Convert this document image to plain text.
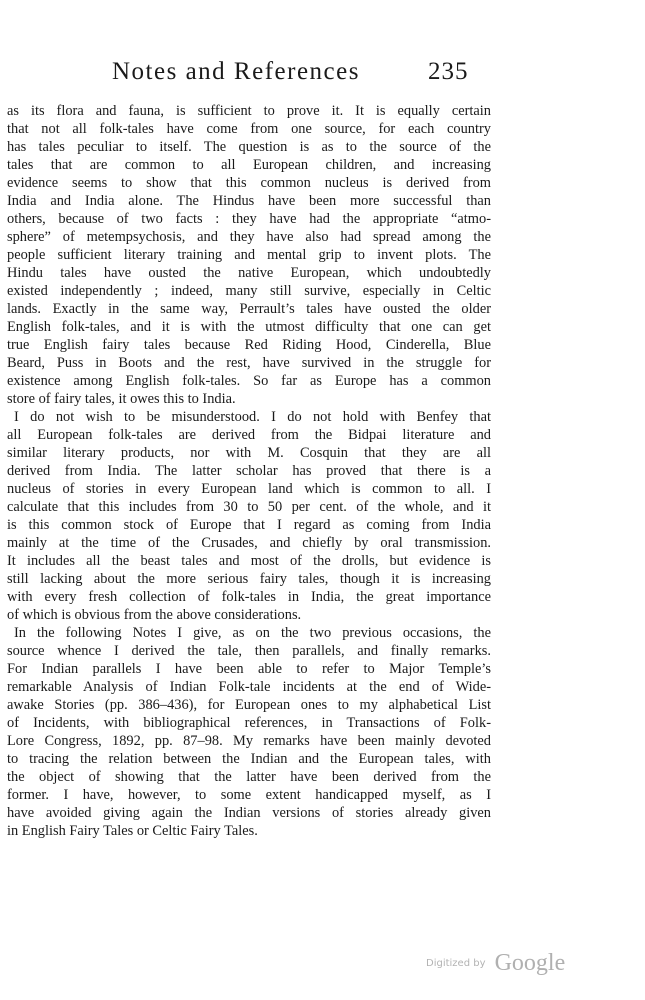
Notes and References	235
as its flora and fauna, is sufficient to prove it. It is equally certain
that not all folk-tales have come from one source, for each country
has tales peculiar to itself. The question is as to the source of the
tales that are common to all European children, and increasing
evidence seems to show that this common nucleus is derived from
India and India alone. The Hindus have been more successful than
others, because of two facts : they have had the appropriate “atmo-
sphere” of metempsychosis, and they have also had spread among the
people sufficient literary training and mental grip to invent plots. The
Hindu tales have ousted the native European, which undoubtedly
existed independently ; indeed, many still survive, especially in Celtic
lands. Exactly in the same way, Perrault’s tales have ousted the older
English folk-tales, and it is with the utmost difficulty that one can get
true English fairy tales because Red Riding Hood, Cinderella, Blue
Beard, Puss in Boots and the rest, have survived in the struggle for
existence among English folk-tales. So far as Europe has a common
store of fairy tales, it owes this to India.
I do not wish to be misunderstood. I do not hold with Benfey that
all European folk-tales are derived from the Bidpai literature and
similar literary products, nor with M. Cosquin that they are all
derived from India. The latter scholar has proved that there is a
nucleus of stories in every European land which is common to all. I
calculate that this includes from 30 to 50 per cent. of the whole, and it
is this common stock of Europe that I regard as coming from India
mainly at the time of the Crusades, and chiefly by oral transmission.
It includes all the beast tales and most of the drolls, but evidence is
still lacking about the more serious fairy tales, though it is increasing
with every fresh collection of folk-tales in India, the great importance
of which is obvious from the above considerations.
In the following Notes I give, as on the two previous occasions, the
source whence I derived the tale, then parallels, and finally remarks.
For Indian parallels I have been able to refer to Major Temple’s
remarkable Analysis of Indian Folk-tale incidents at the end of Wide-
awake Stories (pp. 386–436), for European ones to my alphabetical List
of Incidents, with bibliographical references, in Transactions of Folk-
Lore Congress, 1892, pp. 87–98. My remarks have been mainly devoted
to tracing the relation between the Indian and the European tales, with
the object of showing that the latter have been derived from the
former. I have, however, to some extent handicapped myself, as I
have avoided giving again the Indian versions of stories already given
in English Fairy Tales or Celtic Fairy Tales.
Digitized by Google
